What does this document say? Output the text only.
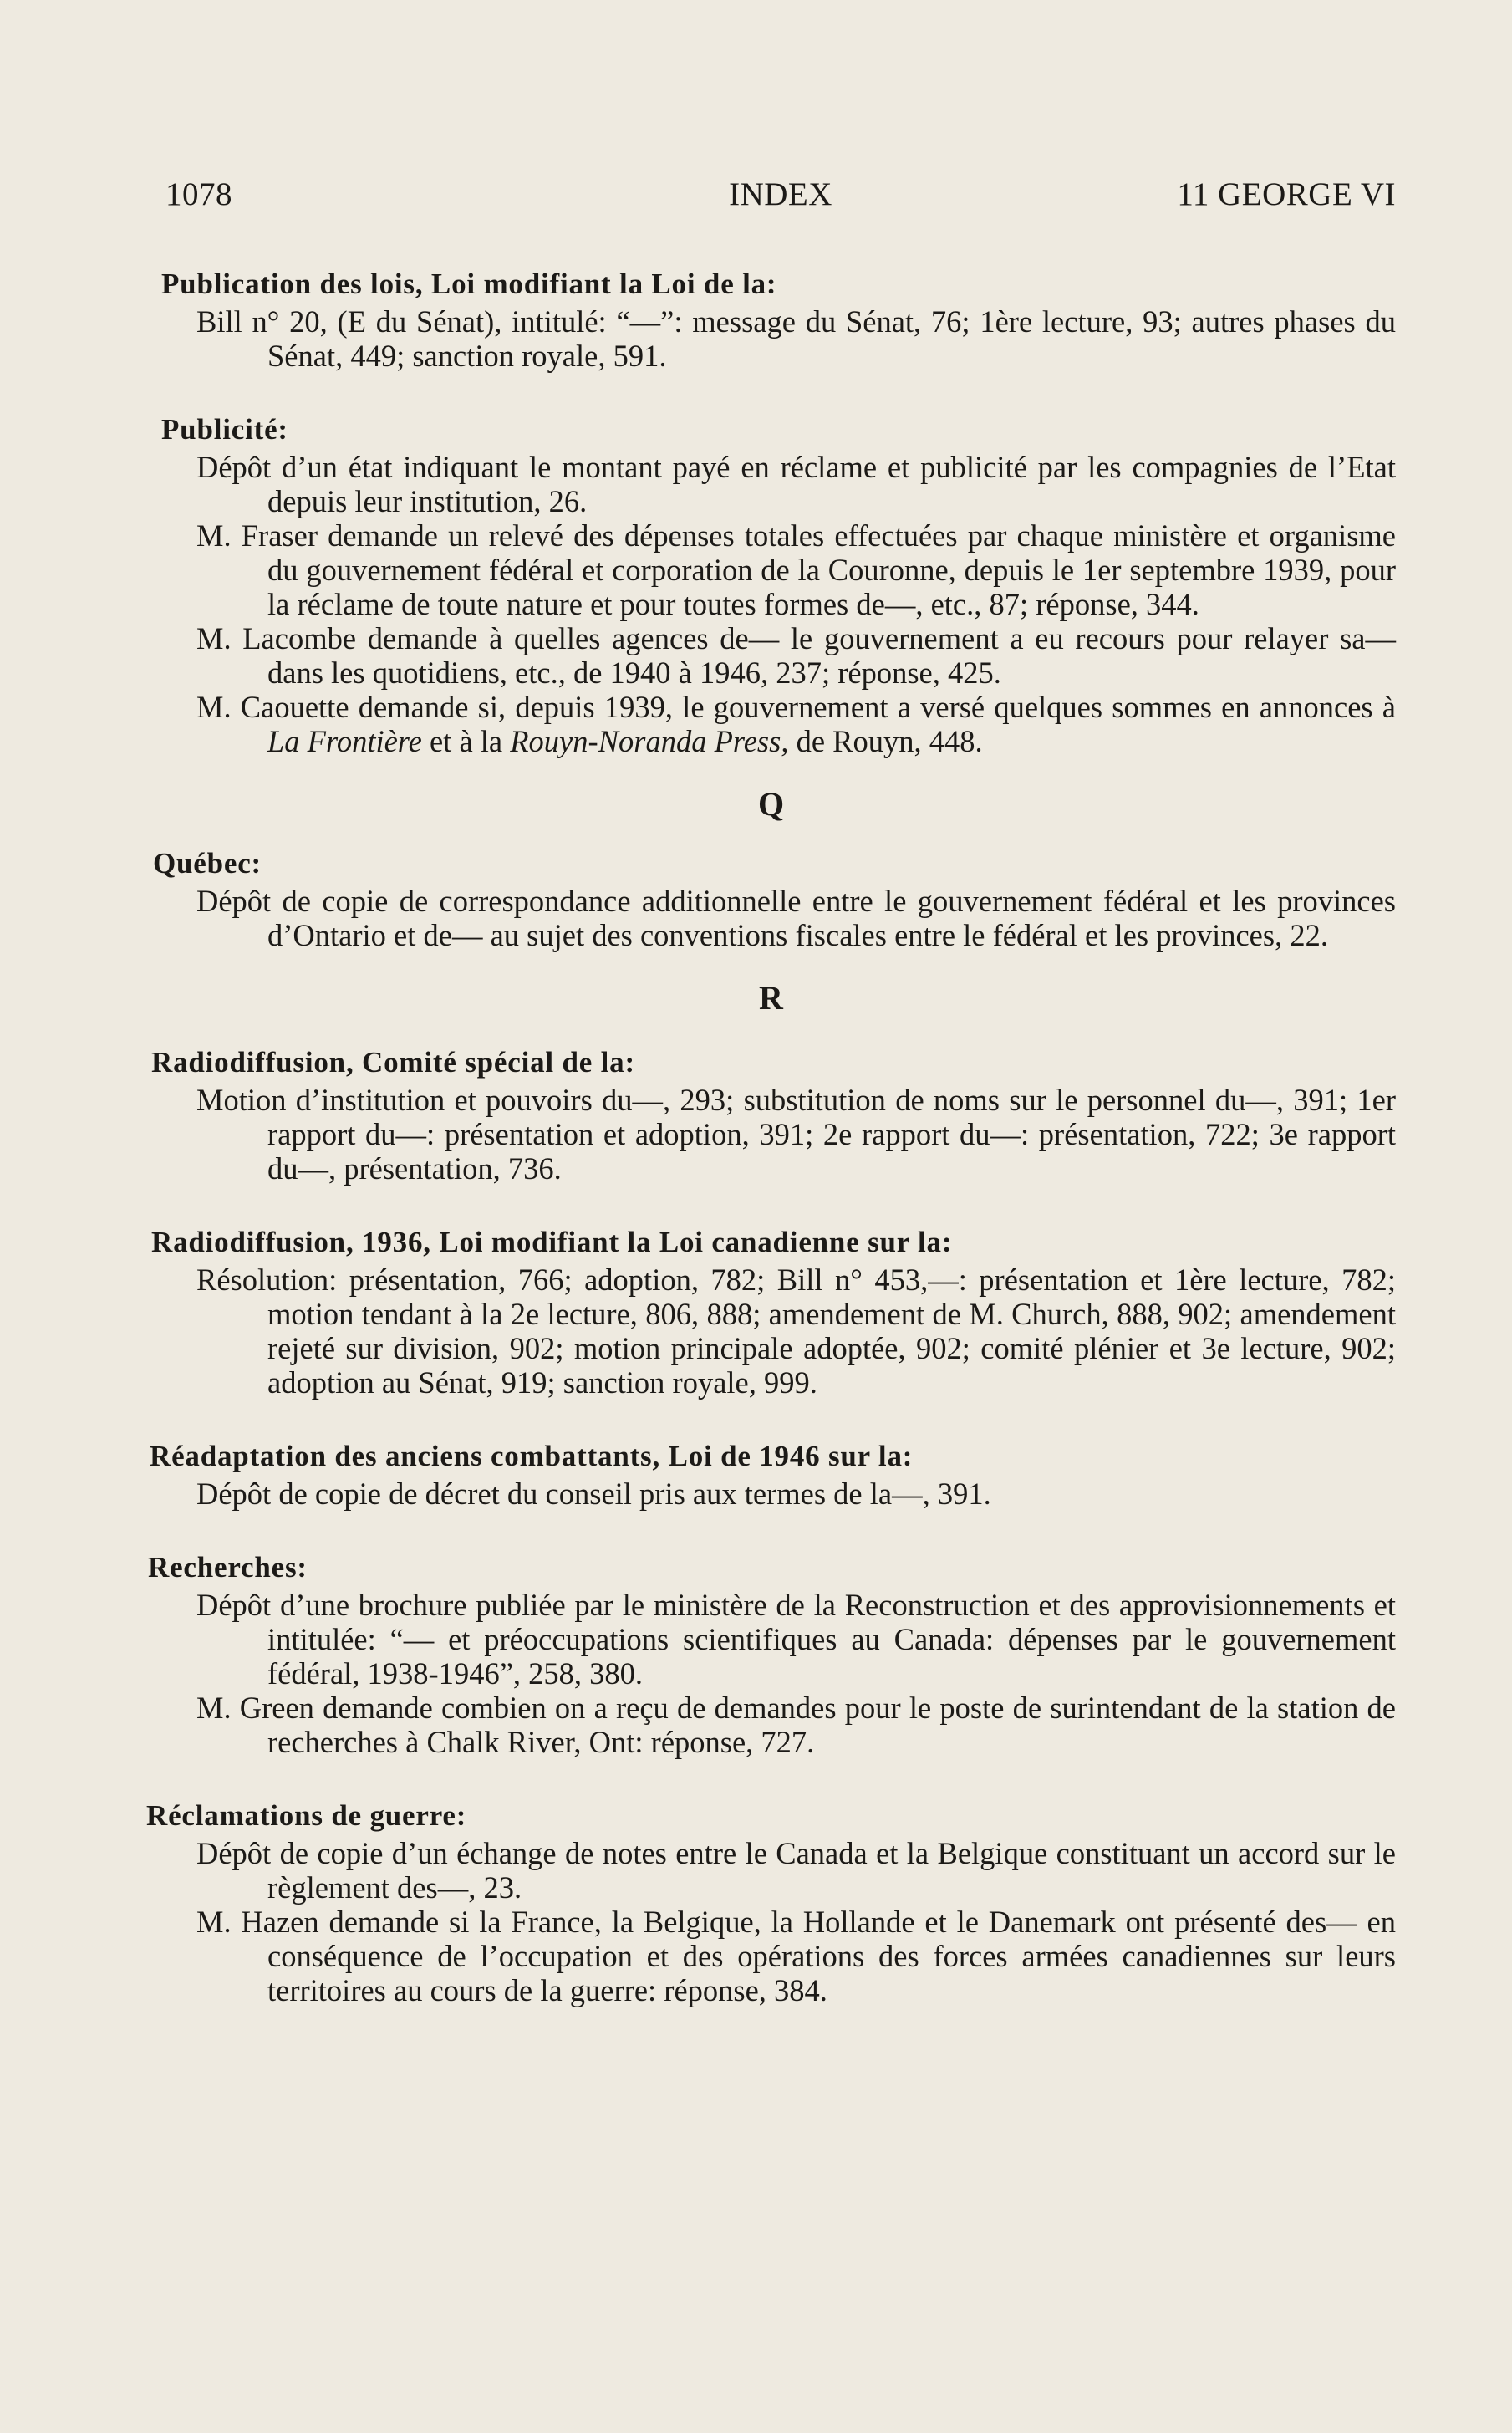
1078	INDEX	11 GEORGE VI
Publication des lois, Loi modifiant la Loi de la:

Bill n° 20, (E du Sénat), intitulé: “—”: message du Sénat, 76; 1ère lecture, 93; autres phases du Sénat, 449; sanction royale, 591.

Publicité:

Dépôt d’un état indiquant le montant payé en réclame et publicité par les compagnies de l’Etat depuis leur institution, 26.

M. Fraser demande un relevé des dépenses totales effectuées par chaque ministère et organisme du gouvernement fédéral et corporation de la Couronne, depuis le 1er septembre 1939, pour la réclame de toute nature et pour toutes formes de—, etc., 87; réponse, 344.

M. Lacombe demande à quelles agences de— le gouvernement a eu recours pour relayer sa— dans les quotidiens, etc., de 1940 à 1946, 237; réponse, 425.

M. Caouette demande si, depuis 1939, le gouvernement a versé quelques sommes en annonces à La Frontière et à la Rouyn-Noranda Press, de Rouyn, 448.

Q
Québec:

Dépôt de copie de correspondance additionnelle entre le gouvernement fédéral et les provinces d’Ontario et de— au sujet des conventions fiscales entre le fédéral et les provinces, 22.

R
Radiodiffusion, Comité spécial de la:

Motion d’institution et pouvoirs du—, 293; substitution de noms sur le personnel du—, 391; 1er rapport du—: présentation et adoption, 391; 2e rapport du—: présentation, 722; 3e rapport du—, présentation, 736.

Radiodiffusion, 1936, Loi modifiant la Loi canadienne sur la:

Résolution: présentation, 766; adoption, 782; Bill n° 453,—: présentation et 1ère lecture, 782; motion tendant à la 2e lecture, 806, 888; amendement de M. Church, 888, 902; amendement rejeté sur division, 902; motion principale adoptée, 902; comité plénier et 3e lecture, 902; adoption au Sénat, 919; sanction royale, 999.

Réadaptation des anciens combattants, Loi de 1946 sur la:

Dépôt de copie de décret du conseil pris aux termes de la—, 391.

Recherches:

Dépôt d’une brochure publiée par le ministère de la Reconstruction et des approvisionnements et intitulée: “— et préoccupations scientifiques au Canada: dépenses par le gouvernement fédéral, 1938-1946”, 258, 380.

M. Green demande combien on a reçu de demandes pour le poste de surintendant de la station de recherches à Chalk River, Ont: réponse, 727.

Réclamations de guerre:

Dépôt de copie d’un échange de notes entre le Canada et la Belgique constituant un accord sur le règlement des—, 23.

M. Hazen demande si la France, la Belgique, la Hollande et le Danemark ont présenté des— en conséquence de l’occupation et des opérations des forces armées canadiennes sur leurs territoires au cours de la guerre: réponse, 384.
